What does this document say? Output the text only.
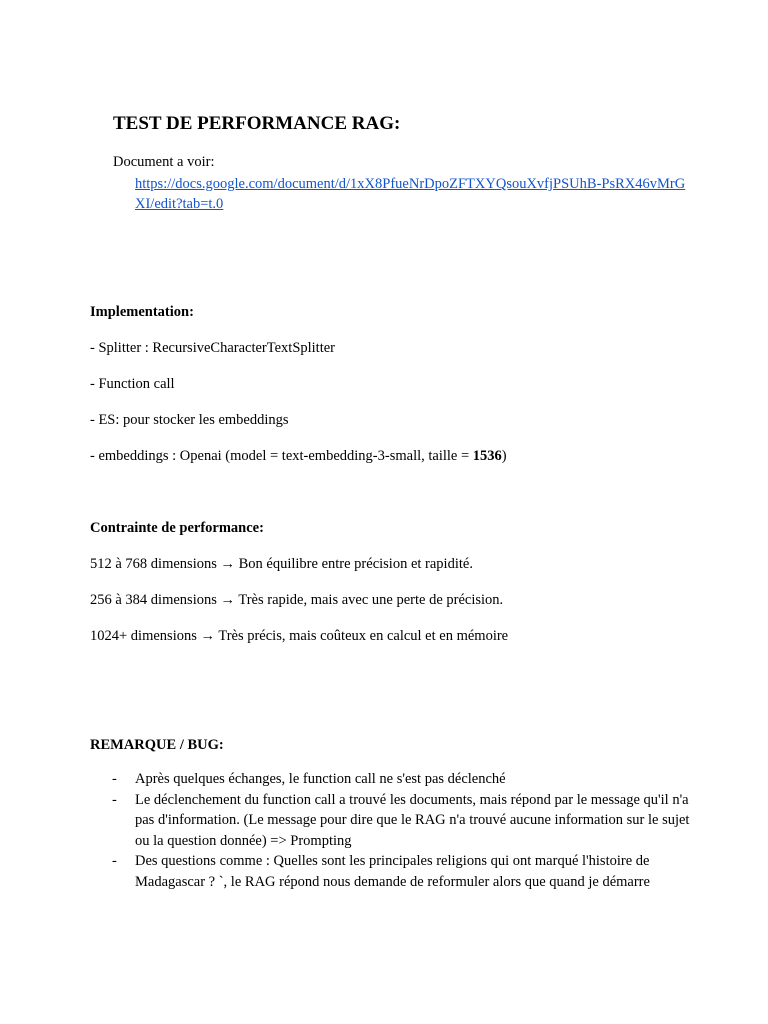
TEST DE PERFORMANCE RAG:
Document a voir:
https://docs.google.com/document/d/1xX8PfueNrDpoZFTXYQsouXvfjPSUhB-PsRX46vMrGXI/edit?tab=t.0
Implementation:
- Splitter : RecursiveCharacterTextSplitter
- Function call
- ES: pour stocker les embeddings
- embeddings : Openai (model = text-embedding-3-small, taille = 1536)
Contrainte de performance:
512 à 768 dimensions → Bon équilibre entre précision et rapidité.
256 à 384 dimensions → Très rapide, mais avec une perte de précision.
1024+ dimensions → Très précis, mais coûteux en calcul et en mémoire
REMARQUE / BUG:
- Après quelques échanges, le function call ne s'est pas déclenché
- Le déclenchement du function call a trouvé les documents, mais répond par le message qu'il n'a pas d'information. (Le message pour dire que le RAG n'a trouvé aucune information sur le sujet ou la question donnée) => Prompting
- Des questions comme : Quelles sont les principales religions qui ont marqué l'histoire de Madagascar ? `, le RAG répond nous demande de reformuler alors que quand je démarre
